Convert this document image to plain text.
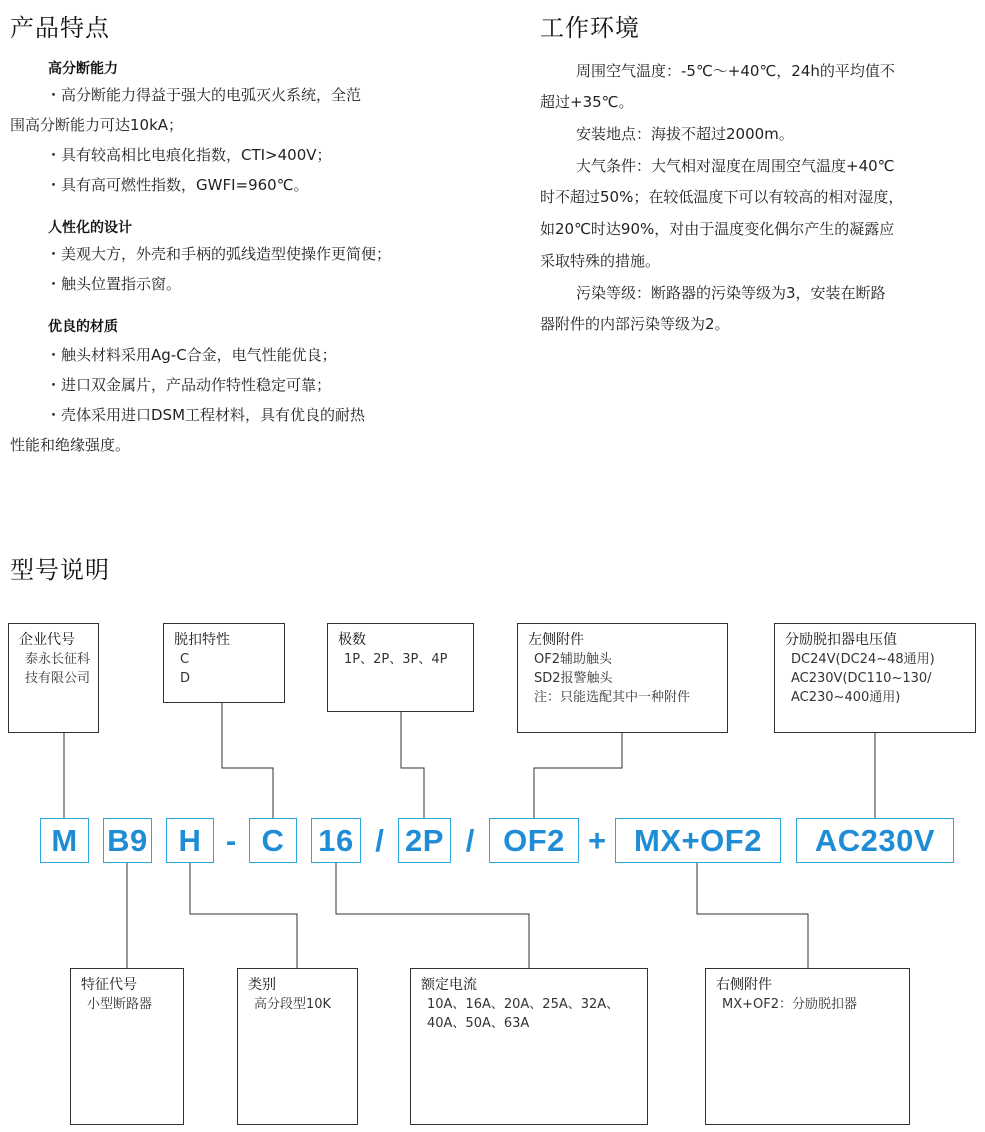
产品特点
高分断能力
・高分断能力得益于强大的电弧灭火系统，全范
围高分断能力可达10kA；
・具有较高相比电痕化指数，CTI>400V；
・具有高可燃性指数，GWFI=960℃。
人性化的设计
・美观大方，外壳和手柄的弧线造型使操作更简便；
・触头位置指示窗。
优良的材质
・触头材料采用Ag-C合金，电气性能优良；
・进口双金属片，产品动作特性稳定可靠；
・壳体采用进口DSM工程材料，具有优良的耐热
性能和绝缘强度。
工作环境
周围空气温度：-5℃～+40℃，24h的平均值不
超过+35℃。
安装地点：海拔不超过2000m。
大气条件：大气相对湿度在周围空气温度+40℃
时不超过50%；在较低温度下可以有较高的相对湿度，
如20℃时达90%，对由于温度变化偶尔产生的凝露应
采取特殊的措施。
污染等级：断路器的污染等级为3，安装在断路
器附件的内部污染等级为2。
型号说明
企业代号
泰永长征科
技有限公司
脱扣特性
C
D
极数
1P、2P、3P、4P
左侧附件
OF2辅助触头
SD2报警触头
注：只能选配其中一种附件
分励脱扣器电压值
DC24V(DC24~48通用)
AC230V(DC110~130/
AC230~400通用)
M B9 H - C	16 / 2P / OF2 + MX+OF2	AC230V
特征代号
小型断路器
类别
高分段型10K
额定电流
10A、16A、20A、25A、32A、
40A、50A、63A
右侧附件
MX+OF2：分励脱扣器
